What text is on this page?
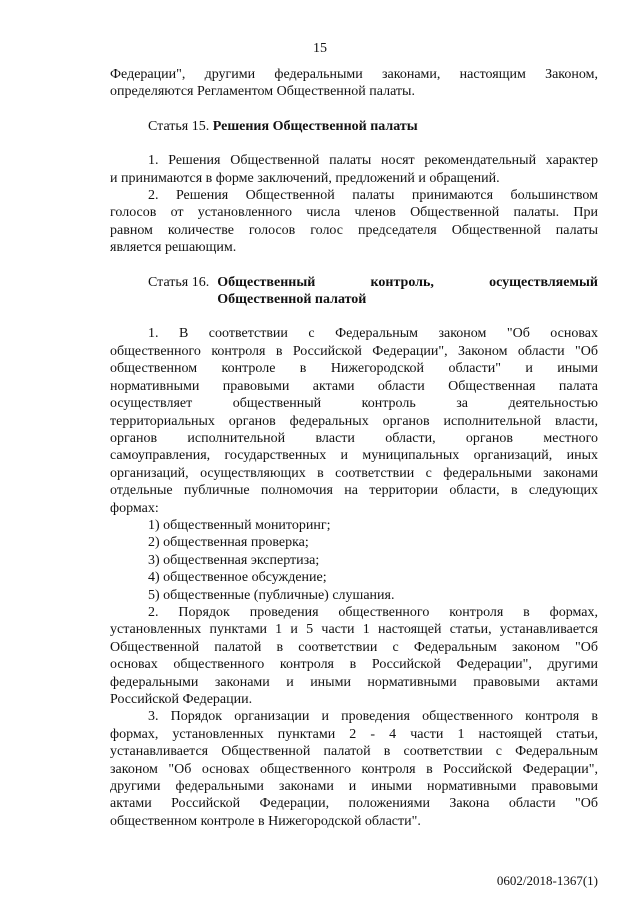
15

Федерации", другими федеральными законами, настоящим Законом,

определяются Регламентом Общественной палаты.

Статья 15. Решения Общественной палаты

1. Решения Общественной палаты носят рекомендательный характер

и принимаются в форме заключений, предложений и обращений.

2. Решения Общественной палаты принимаются большинством

голосов от установленного числа членов Общественной палаты. При

равном количестве голосов голос председателя Общественной палаты

является решающим.

Статья 16. Общественный контроль, осуществляемый
Общественной палатой

1. В соответствии с Федеральным законом "Об основах

общественного контроля в Российской Федерации", Законом области "Об

общественном контроле в Нижегородской области" и иными

нормативными правовыми актами области Общественная палата

осуществляет общественный контроль за деятельностью

территориальных органов федеральных органов исполнительной власти,

органов исполнительной власти области, органов местного

самоуправления, государственных и муниципальных организаций, иных

организаций, осуществляющих в соответствии с федеральными законами

отдельные публичные полномочия на территории области, в следующих

формах:

1) общественный мониторинг;

2) общественная проверка;

3) общественная экспертиза;

4) общественное обсуждение;

5) общественные (публичные) слушания.

2. Порядок проведения общественного контроля в формах,

установленных пунктами 1 и 5 части 1 настоящей статьи, устанавливается

Общественной палатой в соответствии с Федеральным законом "Об

основах общественного контроля в Российской Федерации", другими

федеральными законами и иными нормативными правовыми актами

Российской Федерации.

3. Порядок организации и проведения общественного контроля в

формах, установленных пунктами 2 - 4 части 1 настоящей статьи,

устанавливается Общественной палатой в соответствии с Федеральным

законом "Об основах общественного контроля в Российской Федерации",

другими федеральными законами и иными нормативными правовыми

актами Российской Федерации, положениями Закона области "Об

общественном контроле в Нижегородской области".

0602/2018-1367(1)
